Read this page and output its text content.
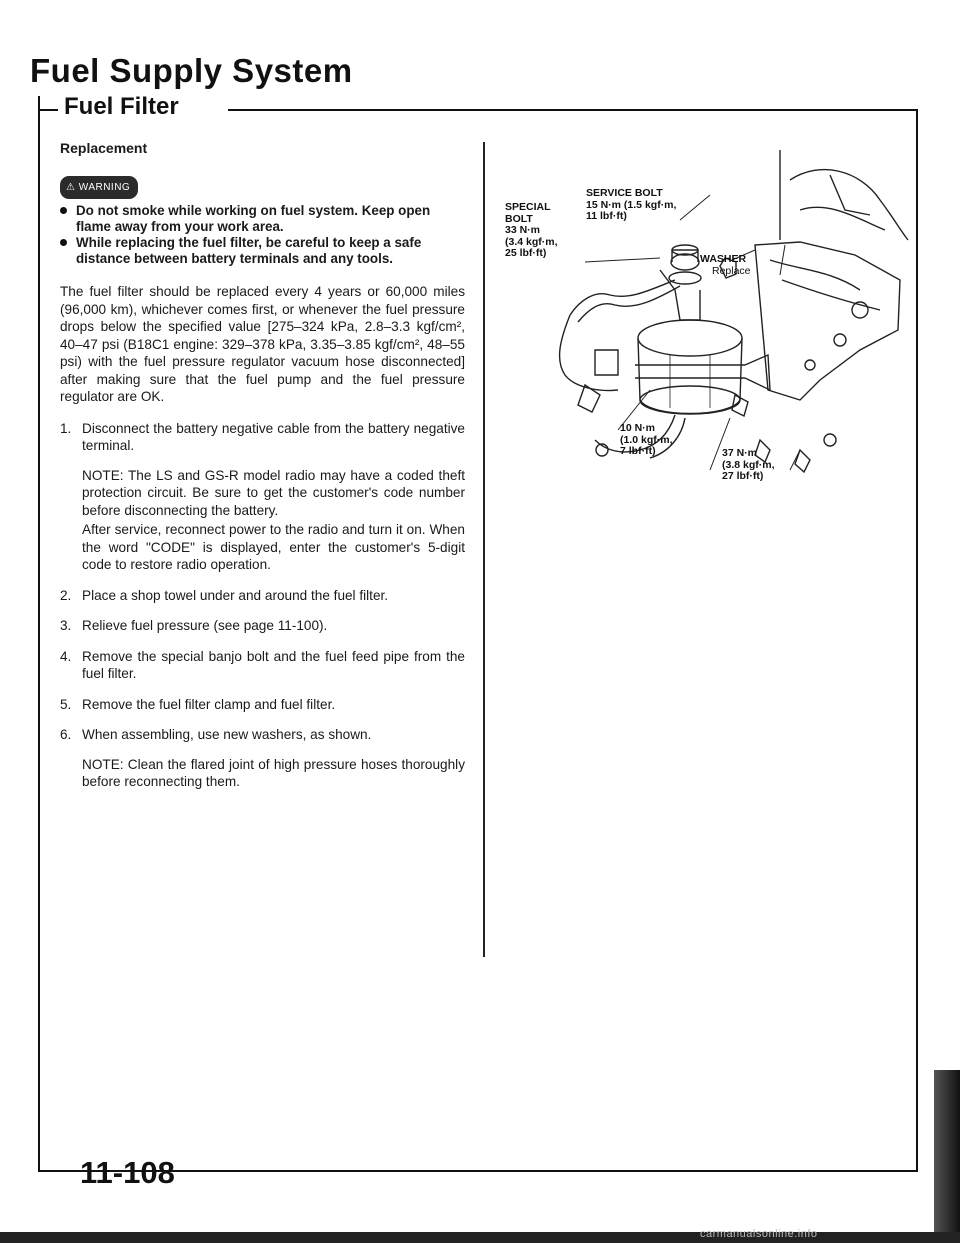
Fuel Supply System
Fuel Filter
Replacement
⚠ WARNING
Do not smoke while working on fuel system. Keep open flame away from your work area.
While replacing the fuel filter, be careful to keep a safe distance between battery terminals and any tools.

The fuel filter should be replaced every 4 years or 60,000 miles (96,000 km), whichever comes first, or whenever the fuel pressure drops below the specified value [275–324 kPa, 2.8–3.3 kgf/cm², 40–47 psi (B18C1 engine: 329–378 kPa, 3.35–3.85 kgf/cm², 48–55 psi) with the fuel pressure regulator vacuum hose disconnected] after making sure that the fuel pump and the fuel pressure regulator are OK.

1. Disconnect the battery negative cable from the battery negative terminal.
NOTE: The LS and GS-R model radio may have a coded theft protection circuit. Be sure to get the customer's code number before disconnecting the battery.
After service, reconnect power to the radio and turn it on. When the word "CODE" is displayed, enter the customer's 5-digit code to restore radio operation.
2. Place a shop towel under and around the fuel filter.
3. Relieve fuel pressure (see page 11-100).
4. Remove the special banjo bolt and the fuel feed pipe from the fuel filter.
5. Remove the fuel filter clamp and fuel filter.
6. When assembling, use new washers, as shown.
NOTE: Clean the flared joint of high pressure hoses thoroughly before reconnecting them.
SPECIAL
BOLT
33 N·m
(3.4 kgf·m,
25 lbf·ft)
SERVICE BOLT
15 N·m (1.5 kgf·m,
11 lbf·ft)
WASHER
Replace
10 N·m
(1.0 kgf·m,
7 lbf·ft)	37 N·m
(3.8 kgf·m,
27 lbf·ft)
11-108
carmanualsonline.info
